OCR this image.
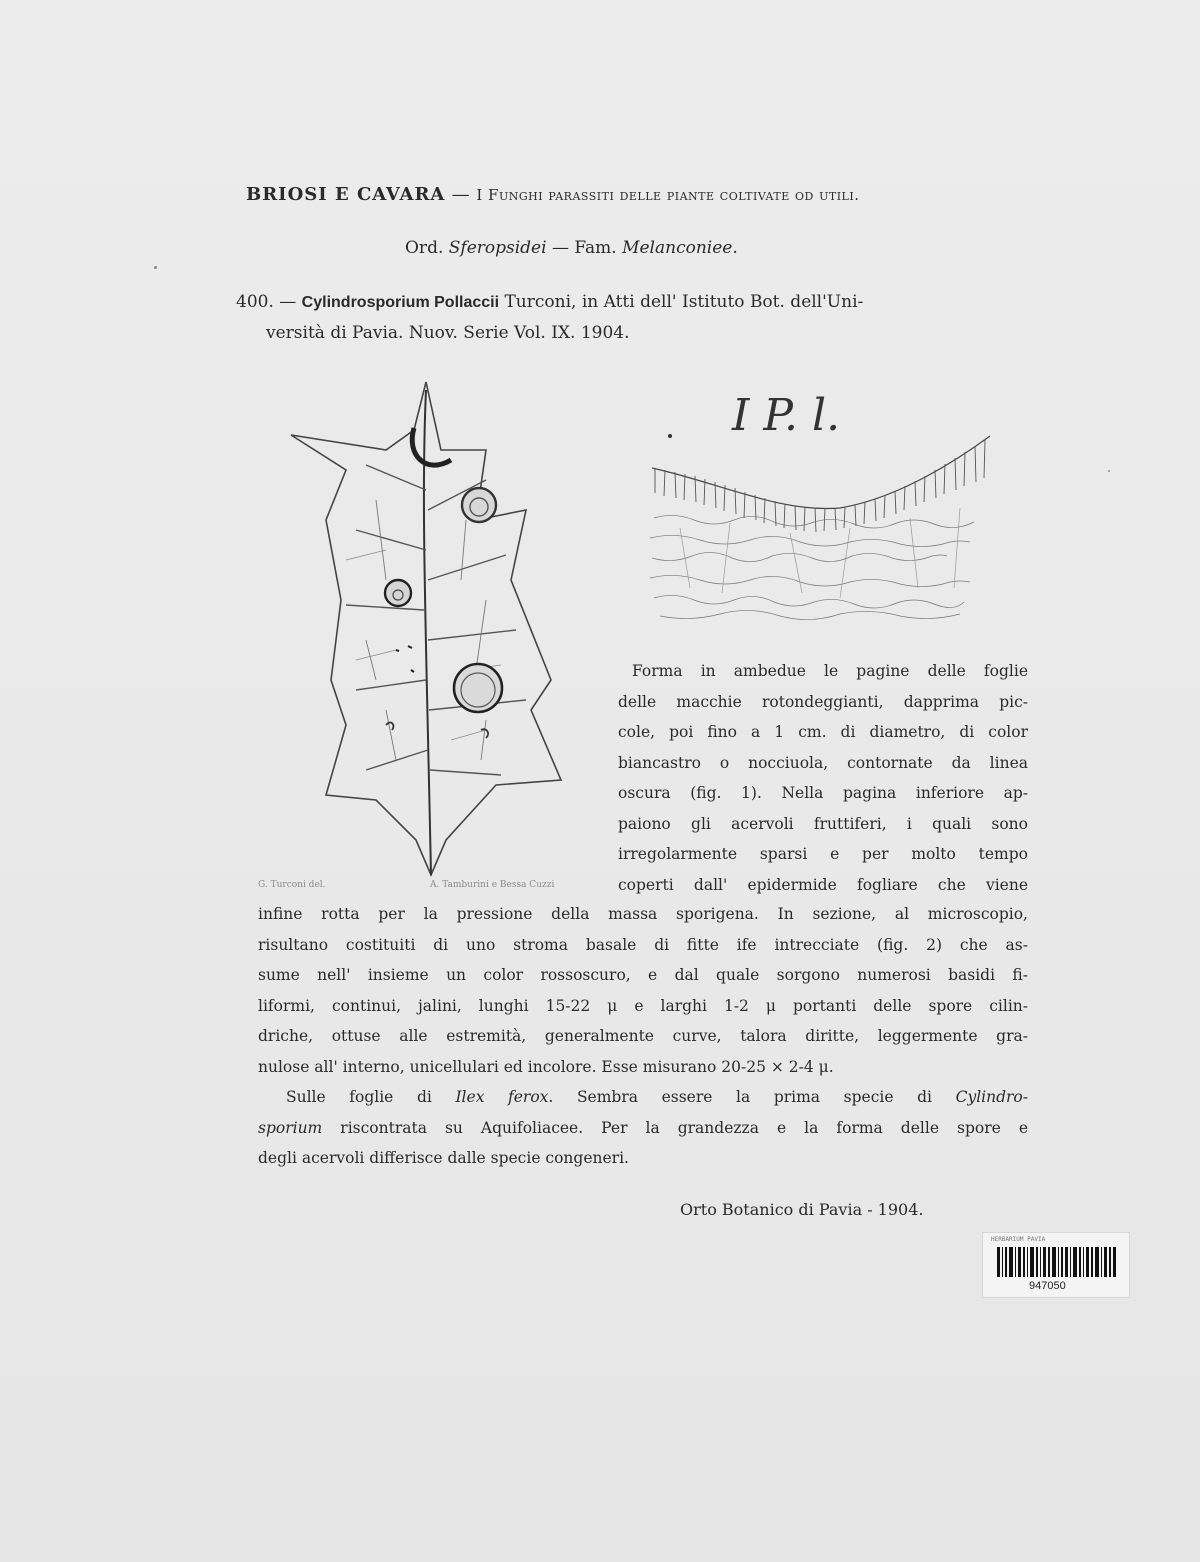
BRIOSI E CAVARA — I Funghi parassiti delle piante coltivate od utili.
Ord. Sferopsidei — Fam. Melanconiee.
400. — Cylindrosporium Pollaccii Turconi, in Atti dell' Istituto Bot. dell'Uni-
versità di Pavia. Nuov. Serie Vol. IX. 1904.
I P. l.
G. Turconi del.	A. Tamburini e Bessa Cuzzi
Forma in ambedue le pagine delle foglie
delle macchie rotondeggianti, dapprima pic-
cole, poi fino a 1 cm. di diametro, di color
biancastro o nocciuola, contornate da linea
oscura (fig. 1). Nella pagina inferiore ap-
paiono gli acervoli fruttiferi, i quali sono
irregolarmente sparsi e per molto tempo
coperti dall' epidermide fogliare che viene
infine rotta per la pressione della massa sporigena. In sezione, al microscopio,
risultano costituiti di uno stroma basale di fitte ife intrecciate (fig. 2) che as-
sume nell' insieme un color rossoscuro, e dal quale sorgono numerosi basidi fi-
liformi, continui, jalini, lunghi 15-22 μ e larghi 1-2 μ portanti delle spore cilin-
driche, ottuse alle estremità, generalmente curve, talora diritte, leggermente gra-
nulose all' interno, unicellulari ed incolore. Esse misurano 20-25 × 2-4 μ.
Sulle foglie di Ilex ferox. Sembra essere la prima specie di Cylindro-
sporium riscontrata su Aquifoliacee. Per la grandezza e la forma delle spore e
degli acervoli differisce dalle specie congeneri.
Orto Botanico di Pavia - 1904.
HERBARIUM PAVIA
947050
